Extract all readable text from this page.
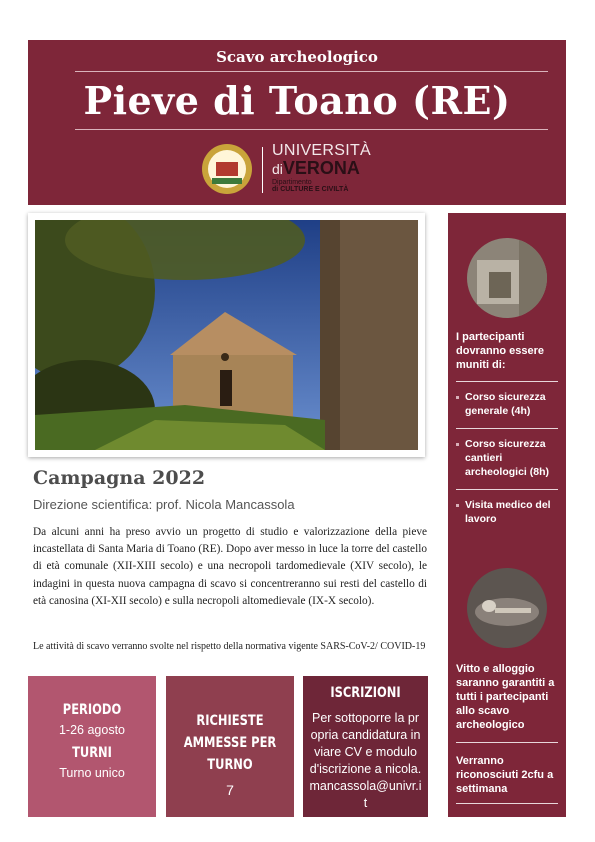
Scavo archeologico
Pieve di Toano (RE)
UNIVERSITÀ
diVERONA
Dipartimento
di CULTURE E CIVILTÀ
Campagna 2022
Direzione scientifica: prof. Nicola Mancassola
Da alcuni anni ha preso avvio un progetto di studio e valorizzazione della pieve incastellata di Santa Maria di Toano (RE). Dopo aver messo in luce la torre del castello di età comunale (XII-XIII secolo) e una necropoli tardomedievale (XIV secolo), le indagini in questa nuova campagna di scavo si concentreranno sui resti del castello di età canosina (XI-XII secolo) e sulla necropoli altomedievale (IX-X secolo).
Le attività di scavo verranno svolte nel rispetto della normativa vigente SARS-CoV-2/ COVID-19
PERIODO
1-26 agosto
TURNI
Turno unico
RICHIESTE AMMESSE PER TURNO
7
ISCRIZIONI
Per sottoporre la propria candidatura inviare CV e modulo d'iscrizione a nicola.mancassola@univr.it
I partecipanti dovranno essere muniti di:
Corso sicurezza generale (4h)
Corso sicurezza cantieri archeologici (8h)
Visita medico del lavoro
Vitto e alloggio saranno garantiti a tutti i partecipanti allo scavo archeologico
Verranno riconosciuti 2cfu a settimana
